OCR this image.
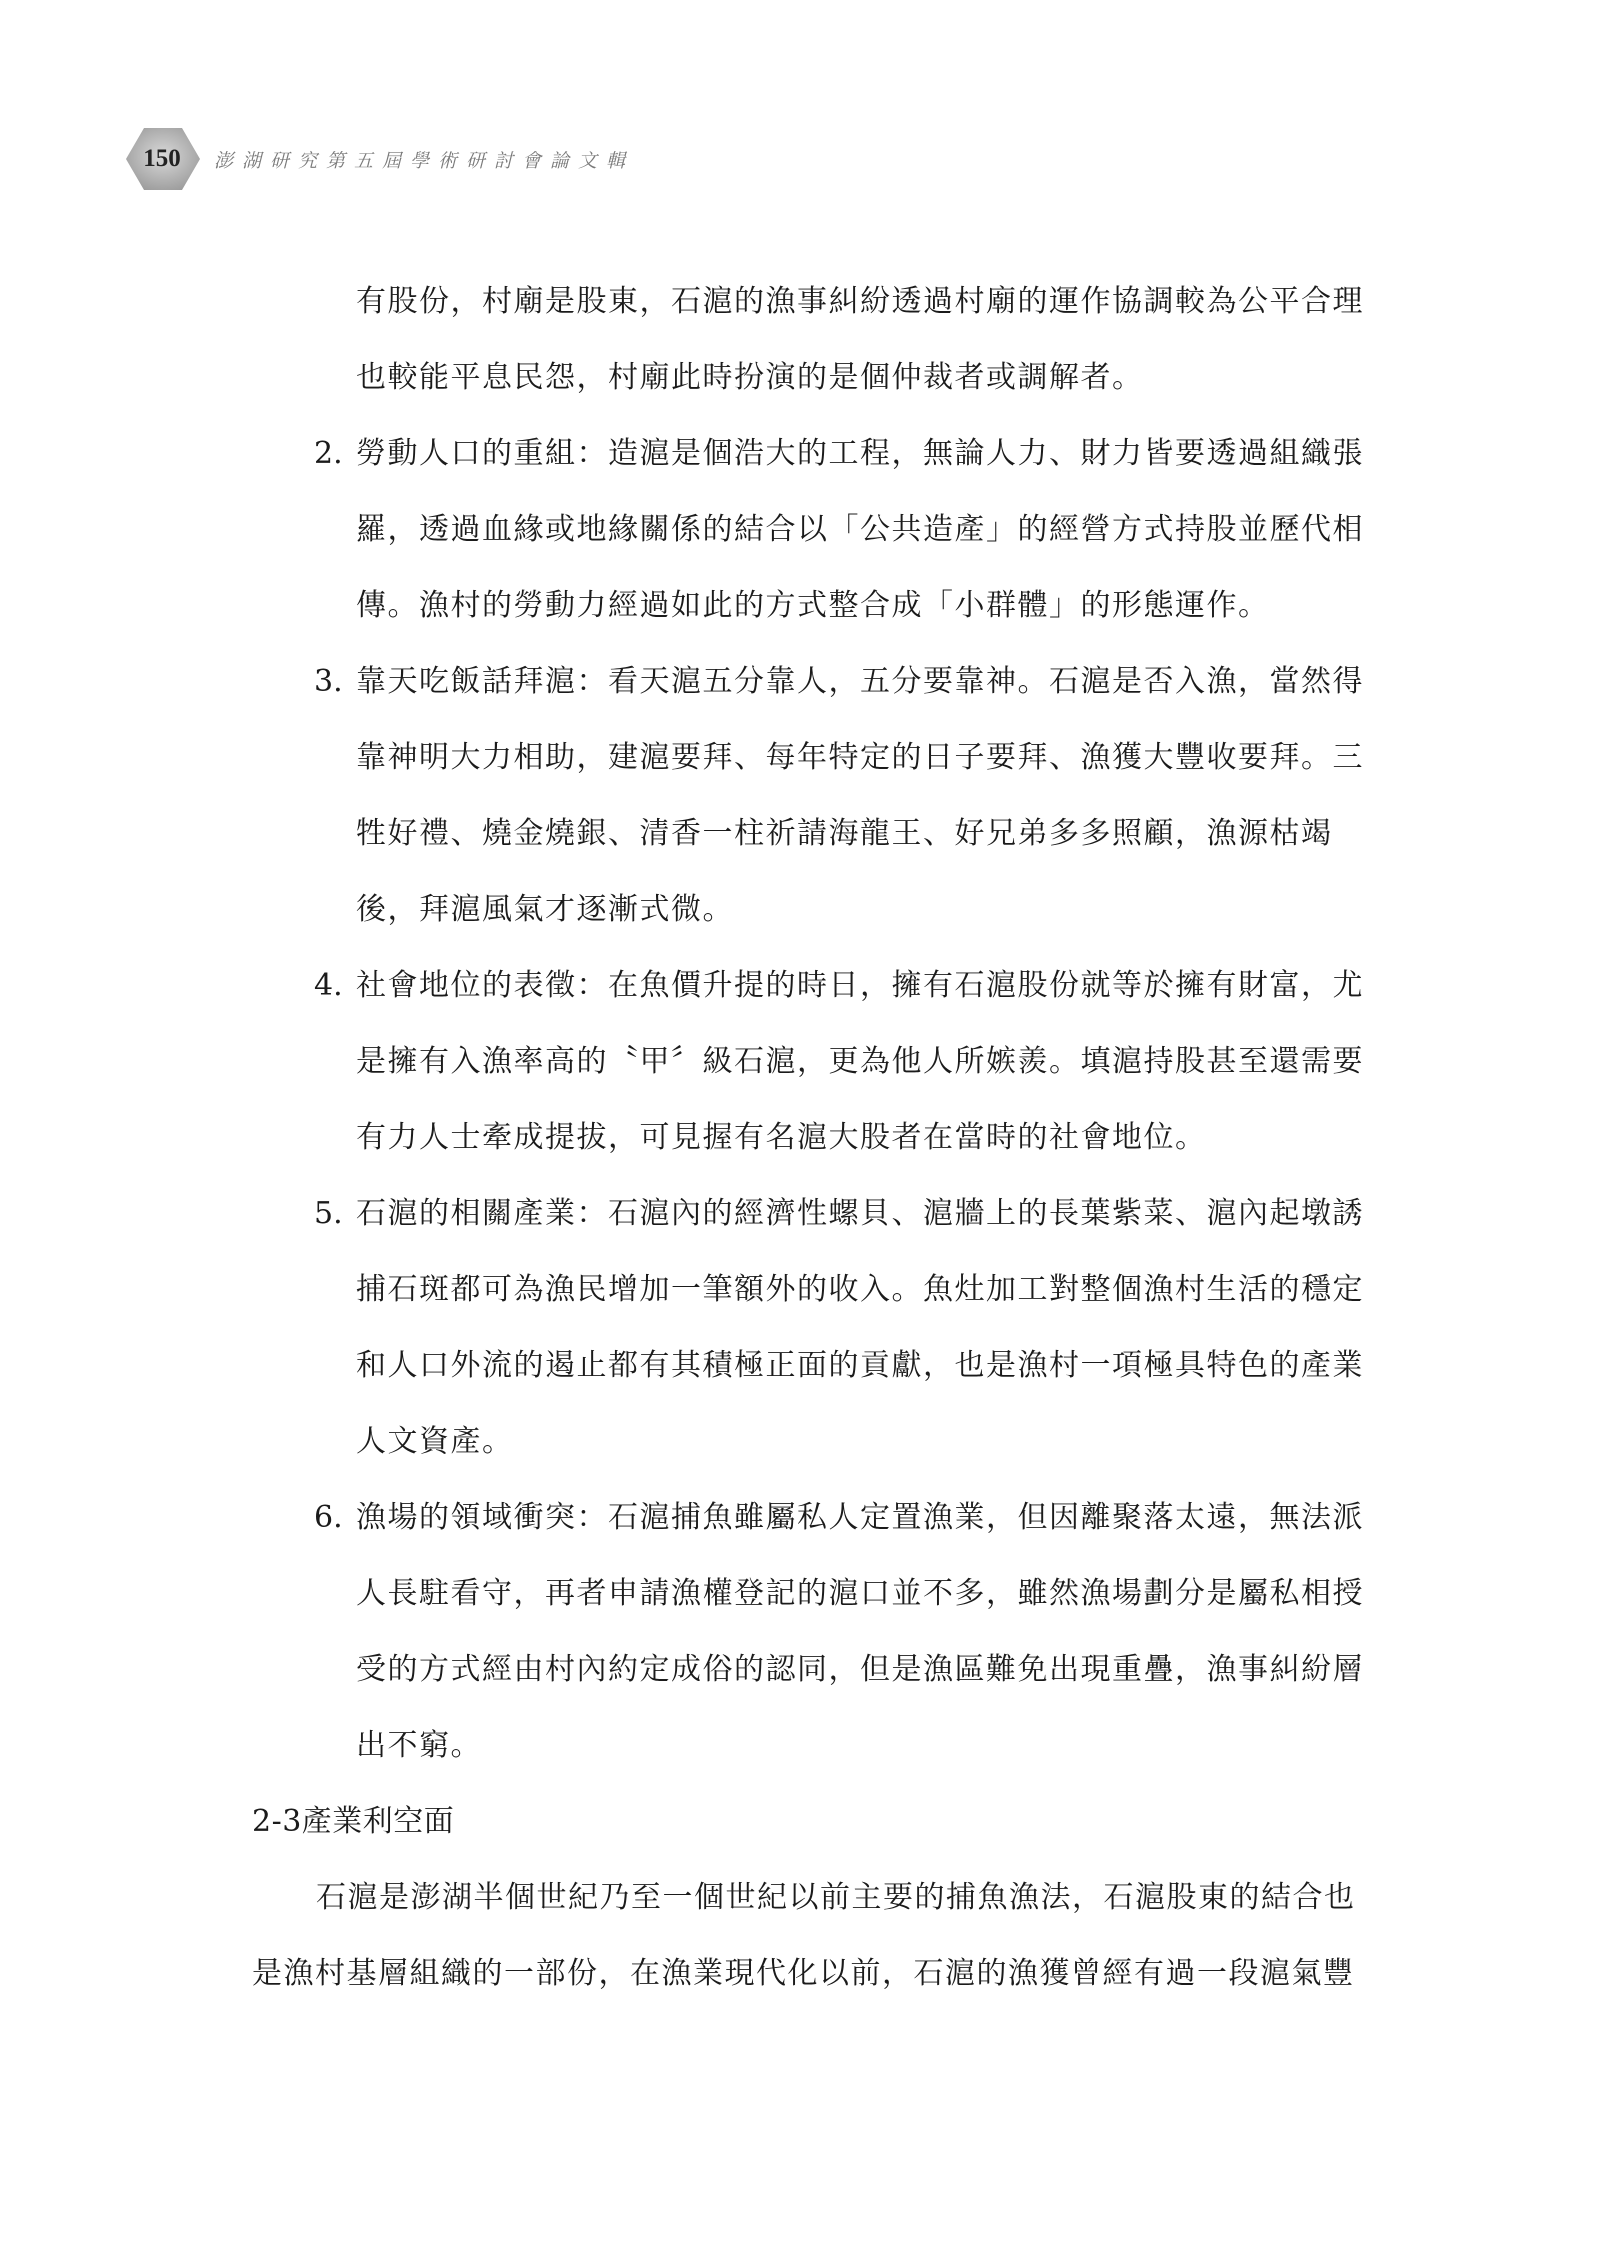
150 澎湖研究第五屆學術研討會論文輯
有股份，村廟是股東，石滬的漁事糾紛透過村廟的運作協調較為公平合理
也較能平息民怨，村廟此時扮演的是個仲裁者或調解者。
2. 勞動人口的重組：造滬是個浩大的工程，無論人力、財力皆要透過組織張
羅，透過血緣或地緣關係的結合以「公共造產」的經營方式持股並歷代相
傳。漁村的勞動力經過如此的方式整合成「小群體」的形態運作。
3. 靠天吃飯話拜滬：看天滬五分靠人，五分要靠神。石滬是否入漁，當然得
靠神明大力相助，建滬要拜、每年特定的日子要拜、漁獲大豐收要拜。三
牲好禮、燒金燒銀、清香一柱祈請海龍王、好兄弟多多照顧，漁源枯竭
後，拜滬風氣才逐漸式微。
4. 社會地位的表徵：在魚價升提的時日，擁有石滬股份就等於擁有財富，尤
是擁有入漁率高的〝甲〞級石滬，更為他人所嫉羨。填滬持股甚至還需要
有力人士牽成提拔，可見握有名滬大股者在當時的社會地位。
5. 石滬的相關產業：石滬內的經濟性螺貝、滬牆上的長葉紫菜、滬內起墩誘
捕石斑都可為漁民增加一筆額外的收入。魚灶加工對整個漁村生活的穩定
和人口外流的遏止都有其積極正面的貢獻，也是漁村一項極具特色的產業
人文資產。
6. 漁場的領域衝突：石滬捕魚雖屬私人定置漁業，但因離聚落太遠，無法派
人長駐看守，再者申請漁權登記的滬口並不多，雖然漁場劃分是屬私相授
受的方式經由村內約定成俗的認同，但是漁區難免出現重疊，漁事糾紛層
出不窮。
2-3產業利空面
石滬是澎湖半個世紀乃至一個世紀以前主要的捕魚漁法，石滬股東的結合也
是漁村基層組織的一部份，在漁業現代化以前，石滬的漁獲曾經有過一段滬氣豐
